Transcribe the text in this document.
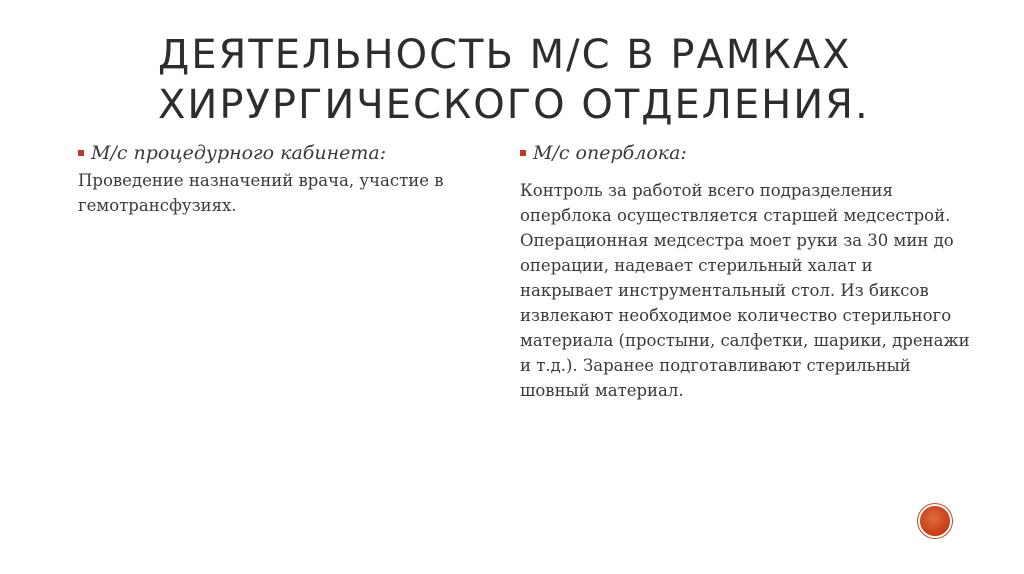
ДЕЯТЕЛЬНОСТЬ М/С В РАМКАХ
ХИРУРГИЧЕСКОГО ОТДЕЛЕНИЯ.
М/с процедурного кабинета:

Проведение назначений врача, участие в гемотрансфузиях.

М/с оперблока:

Контроль за работой всего подразделения оперблока осуществляется старшей медсестрой. Операционная медсестра моет руки за 30 мин до операции, надевает стерильный халат и накрывает инструментальный стол. Из биксов извлекают необходимое количество стерильного материала (простыни, салфетки, шарики, дренажи и т.д.). Заранее подготавливают стерильный шовный материал.
